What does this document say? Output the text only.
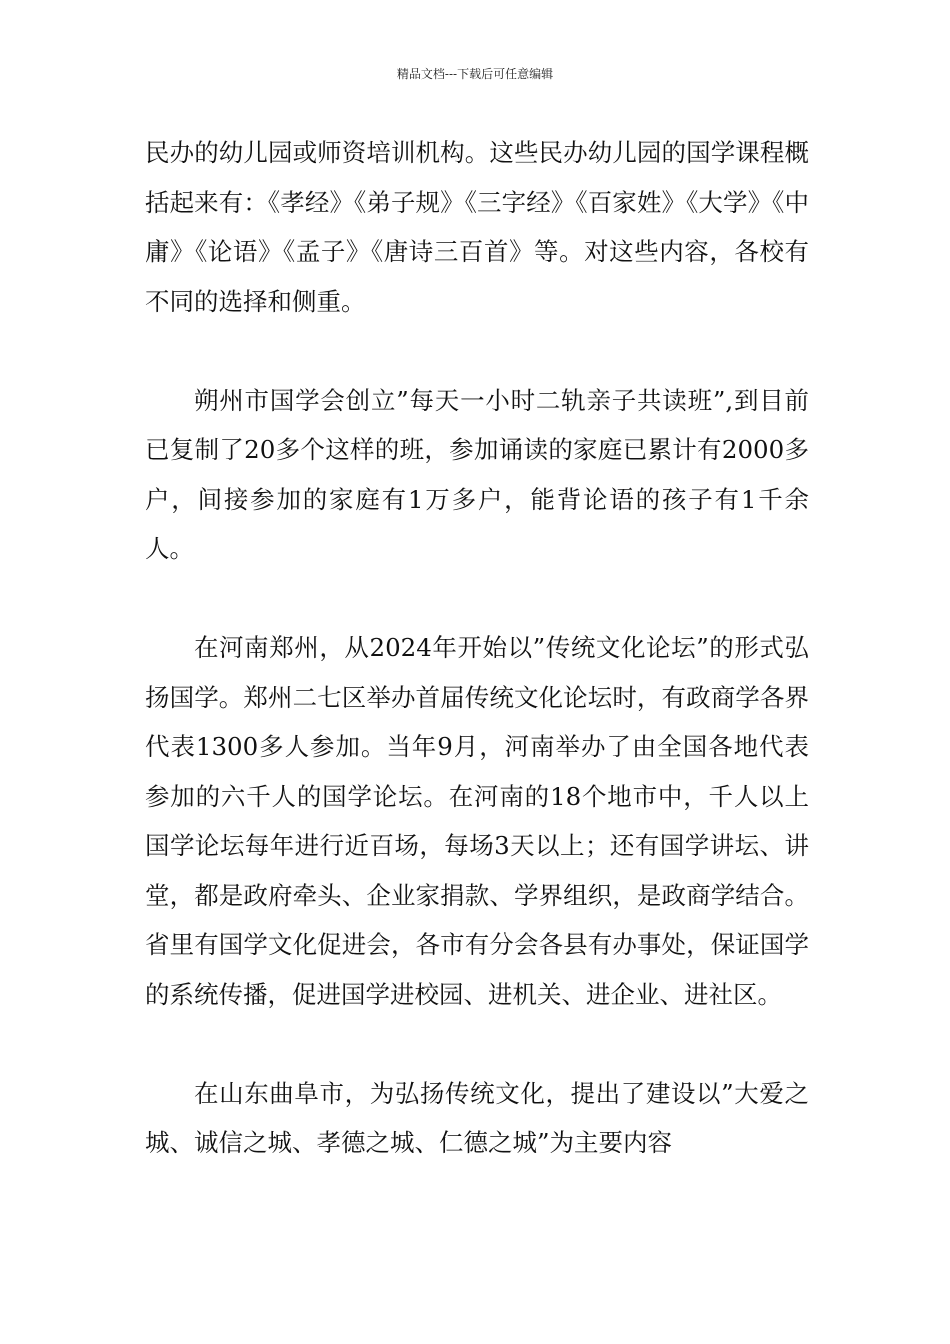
精品文档---下载后可任意编辑

民办的幼儿园或师资培训机构。这些民办幼儿园的国学课程概括起来有：《孝经》《弟子规》《三字经》《百家姓》《大学》《中庸》《论语》《孟子》《唐诗三百首》等。对这些内容，各校有不同的选择和侧重。

朔州市国学会创立”每天一小时二轨亲子共读班”,到目前已复制了20多个这样的班，参加诵读的家庭已累计有2000多户，间接参加的家庭有1万多户，能背论语的孩子有1千余人。

在河南郑州，从2024年开始以”传统文化论坛”的形式弘扬国学。郑州二七区举办首届传统文化论坛时，有政商学各界代表1300多人参加。当年9月，河南举办了由全国各地代表参加的六千人的国学论坛。在河南的18个地市中，千人以上国学论坛每年进行近百场，每场3天以上；还有国学讲坛、讲堂，都是政府牵头、企业家捐款、学界组织，是政商学结合。省里有国学文化促进会，各市有分会各县有办事处，保证国学的系统传播，促进国学进校园、进机关、进企业、进社区。

在山东曲阜市，为弘扬传统文化，提出了建设以”大爱之城、诚信之城、孝德之城、仁德之城”为主要内容
